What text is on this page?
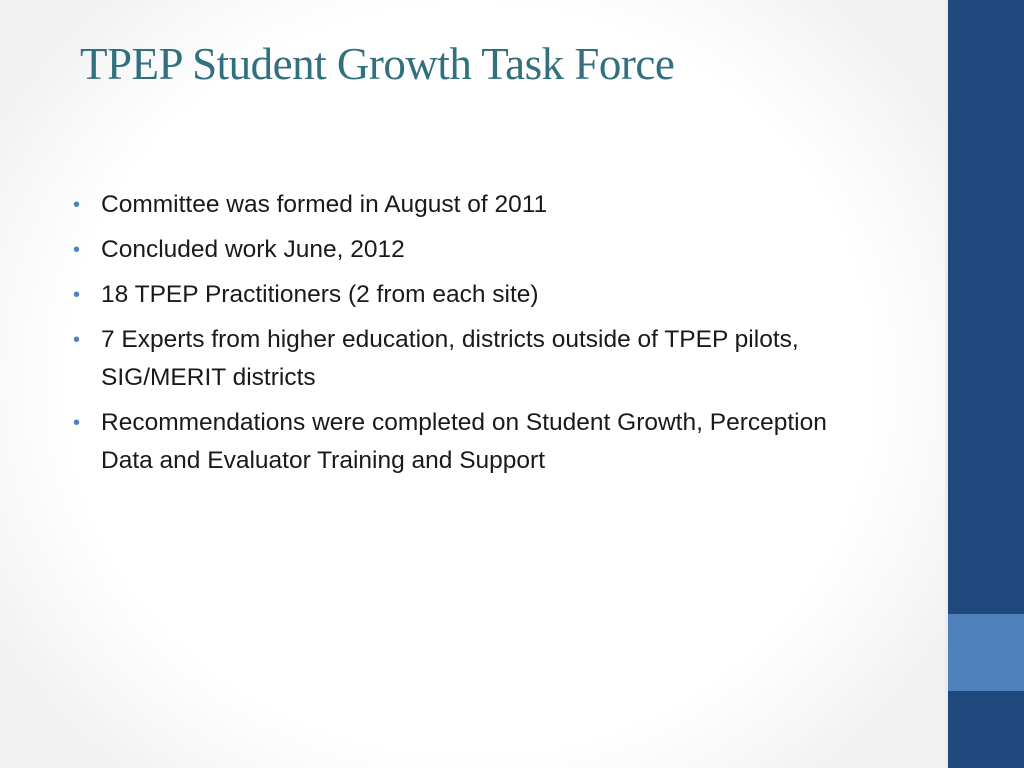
TPEP Student Growth Task Force
• Committee was formed in August of 2011
• Concluded work June, 2012
• 18 TPEP Practitioners (2 from each site)
• 7 Experts from higher education, districts outside of TPEP pilots, SIG/MERIT districts
• Recommendations were completed on Student Growth, Perception Data and Evaluator Training and Support
